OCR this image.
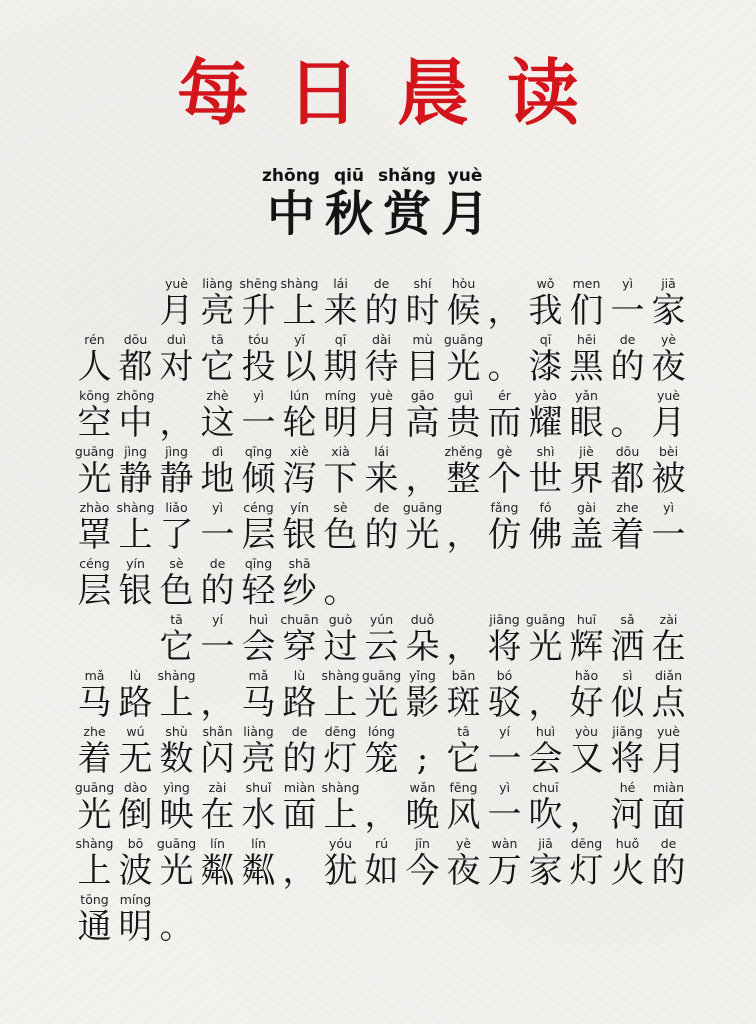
每日晨读
zhōng
中
qiū
秋
shǎng
赏
yuè
月
yuè
月
liàng
亮
shēng
升
shàng
上
lái
来
de
的
shí
时
hòu
候 ，
wǒ
我
men
们
yì
一
jiā
家
rén
人
dōu
都
duì
对
tā
它
tóu
投
yǐ
以
qī
期
dài
待
mù
目
guāng
光 。
qī
漆
hēi
黑
de
的
yè
夜
kōng
空
zhōng
中 ，
zhè
这
yì
一
lún
轮
míng
明
yuè
月
gāo
高
guì
贵
ér
而
yào
耀
yǎn
眼 。
yuè
月
guāng
光
jìng
静
jìng
静
dì
地
qīng
倾
xiè
泻
xià
下
lái
来 ，
zhěng
整
gè
个
shì
世
jiè
界
dōu
都
bèi
被
zhào
罩
shàng
上
liǎo
了
yì
一
céng
层
yín
银
sè
色
de
的
guāng
光 ，
fǎng
仿
fó
佛
gài
盖
zhe
着
yì
一
céng
层
yín
银
sè
色
de
的
qīng
轻
shā
纱 。
tā
它
yí
一
huì
会
chuān
穿
guò
过
yún
云
duǒ
朵 ，
jiāng
将
guāng
光
huī
辉
sǎ
洒
zài
在
mǎ
马
lù
路
shàng
上 ，
mǎ
马
lù
路
shàng
上
guāng
光
yǐng
影
bān
斑
bó
驳 ，
hǎo
好
sì
似
diǎn
点
zhe
着
wú
无
shù
数
shǎn
闪
liàng
亮
de
的
dēng
灯
lóng
笼 ;
tā
它
yí
一
huì
会
yòu
又
jiāng
将
yuè
月
guāng
光
dào
倒
yìng
映
zài
在
shuǐ
水
miàn
面
shàng
上 ，
wǎn
晚
fēng
风
yì
一
chuī
吹 ，
hé
河
miàn
面
shàng
上
bō
波
guāng
光
lín
粼
lín
粼 ，
yóu
犹
rú
如
jīn
今
yè
夜
wàn
万
jiā
家
dēng
灯
huǒ
火
de
的
tōng
通
míng
明 。
